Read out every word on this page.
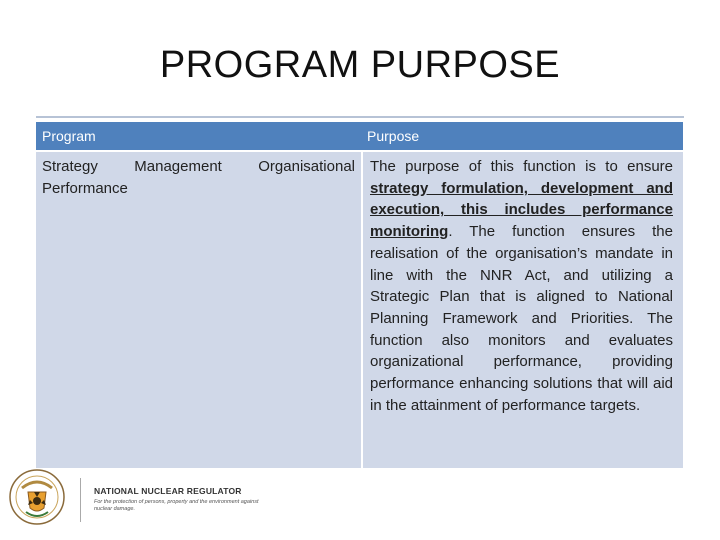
PROGRAM PURPOSE
Program	Purpose
Strategy Management Organisational
Performance
The purpose of this function is to ensure strategy formulation, development and execution, this includes performance monitoring. The function ensures the realisation of the organisation’s mandate in line with the NNR Act, and utilizing a Strategic Plan that is aligned to National Planning Framework and Priorities. The function also monitors and evaluates organizational performance, providing performance enhancing solutions that will aid in the attainment of performance targets.
NATIONAL NUCLEAR REGULATOR
For the protection of persons, property and the environment against nuclear damage.
